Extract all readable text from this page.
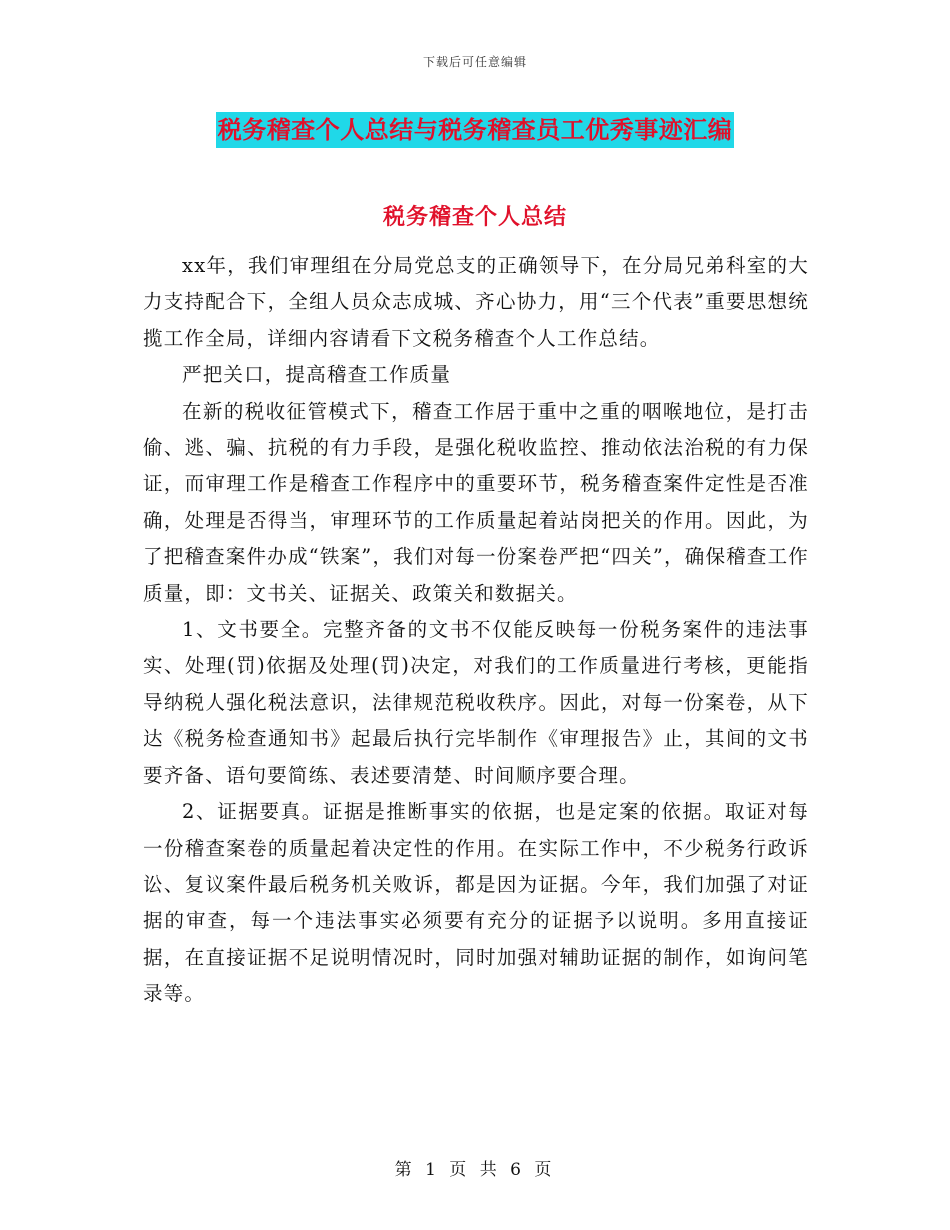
下载后可任意编辑
税务稽查个人总结与税务稽查员工优秀事迹汇编
税务稽查个人总结

xx年，我们审理组在分局党总支的正确领导下，在分局兄弟科室的大力支持配合下，全组人员众志成城、齐心协力，用“三个代表”重要思想统揽工作全局，详细内容请看下文税务稽查个人工作总结。

严把关口，提高稽查工作质量

在新的税收征管模式下，稽查工作居于重中之重的咽喉地位，是打击偷、逃、骗、抗税的有力手段，是强化税收监控、推动依法治税的有力保证，而审理工作是稽查工作程序中的重要环节，税务稽查案件定性是否准确，处理是否得当，审理环节的工作质量起着站岗把关的作用。因此，为了把稽查案件办成“铁案”，我们对每一份案卷严把“四关”，确保稽查工作质量，即：文书关、证据关、政策关和数据关。

1、文书要全。完整齐备的文书不仅能反映每一份税务案件的违法事实、处理(罚)依据及处理(罚)决定，对我们的工作质量进行考核，更能指导纳税人强化税法意识，法律规范税收秩序。因此，对每一份案卷，从下达《税务检查通知书》起最后执行完毕制作《审理报告》止，其间的文书要齐备、语句要简练、表述要清楚、时间顺序要合理。

2、证据要真。证据是推断事实的依据，也是定案的依据。取证对每一份稽查案卷的质量起着决定性的作用。在实际工作中，不少税务行政诉讼、复议案件最后税务机关败诉，都是因为证据。今年，我们加强了对证据的审查，每一个违法事实必须要有充分的证据予以说明。多用直接证据，在直接证据不足说明情况时，同时加强对辅助证据的制作，如询问笔录等。

第 1 页 共 6 页
